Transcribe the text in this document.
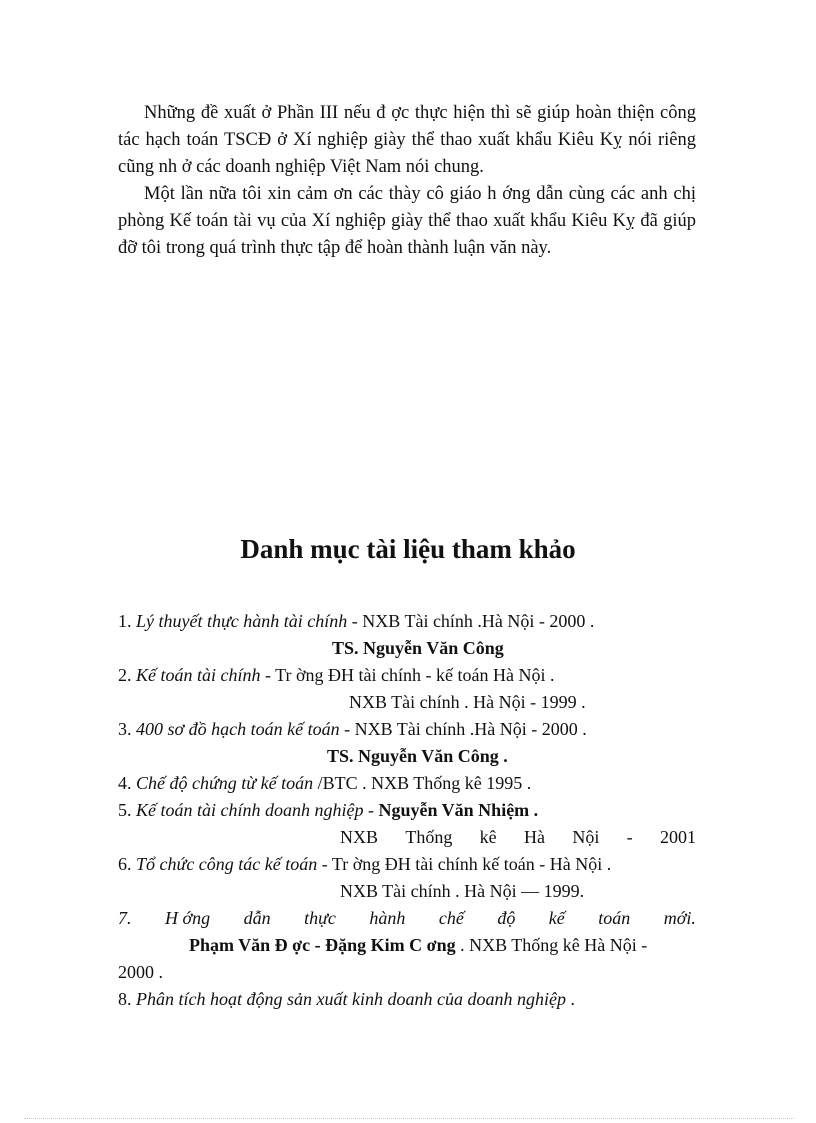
Những đề xuất ở Phần III nếu đ ợc thực hiện thì sẽ giúp hoàn thiện công tác hạch toán TSCĐ ở Xí nghiệp giày thể thao xuất khẩu Kiêu Kỵ nói riêng cũng nh ở các doanh nghiệp Việt Nam nói chung.

Một lần nữa tôi xin cảm ơn các thày cô giáo h ớng dẫn cùng các anh chị phòng Kế toán tài vụ của Xí nghiệp giày thể thao xuất khẩu Kiêu Kỵ đã giúp đỡ tôi trong quá trình thực tập để hoàn thành luận văn này.

Danh mục tài liệu tham khảo
1. Lý thuyết thực hành tài chính - NXB Tài chính .Hà Nội - 2000 .
TS. Nguyễn Văn Công
2. Kế toán tài chính - Tr ờng ĐH tài chính - kế toán Hà Nội .
NXB Tài chính . Hà Nội - 1999 .
3. 400 sơ đồ hạch toán kế toán - NXB Tài chính .Hà Nội - 2000 .
TS. Nguyễn Văn Công .
4. Chế độ chứng từ kế toán /BTC . NXB Thống kê 1995 .
5. Kế toán tài chính doanh nghiệp - Nguyễn Văn Nhiệm .
NXB Thống kê Hà Nội - 2001
6. Tổ chức công tác kế toán - Tr ờng ĐH tài chính kế toán - Hà Nội .
NXB Tài chính . Hà Nội — 1999.
7. H ớng dẫn thực hành chế độ kế toán mới.
Phạm Văn Đ ợc - Đặng Kim C ơng . NXB Thống kê Hà Nội -
2000 .
8. Phân tích hoạt động sản xuất kinh doanh của doanh nghiệp .
